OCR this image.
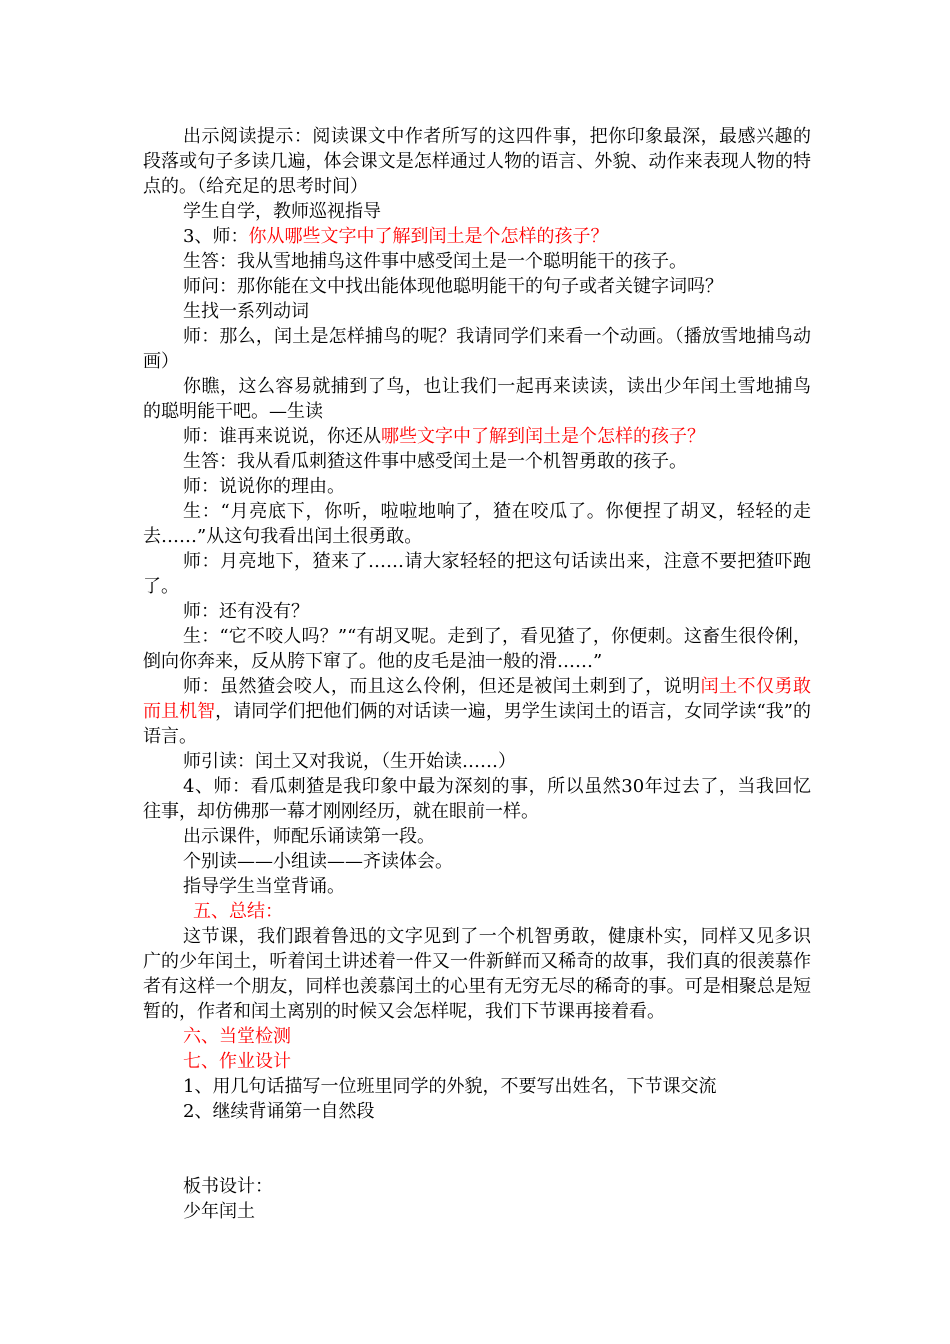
出示阅读提示：阅读课文中作者所写的这四件事，把你印象最深，最感兴趣的段落或句子多读几遍，体会课文是怎样通过人物的语言、外貌、动作来表现人物的特点的。（给充足的思考时间）

学生自学，教师巡视指导

3、师：你从哪些文字中了解到闰土是个怎样的孩子？

生答：我从雪地捕鸟这件事中感受闰土是一个聪明能干的孩子。

师问：那你能在文中找出能体现他聪明能干的句子或者关键字词吗？

生找一系列动词

师：那么，闰土是怎样捕鸟的呢？我请同学们来看一个动画。（播放雪地捕鸟动画）

你瞧，这么容易就捕到了鸟，也让我们一起再来读读，读出少年闰土雪地捕鸟的聪明能干吧。—生读

师：谁再来说说，你还从哪些文字中了解到闰土是个怎样的孩子？

生答：我从看瓜刺猹这件事中感受闰土是一个机智勇敢的孩子。

师：说说你的理由。

生：“月亮底下，你听，啦啦地响了，猹在咬瓜了。你便捏了胡叉，轻轻的走去……”从这句我看出闰土很勇敢。

师：月亮地下，猹来了……请大家轻轻的把这句话读出来，注意不要把猹吓跑了。

师：还有没有？

生：“它不咬人吗？”“有胡叉呢。走到了，看见猹了，你便刺。这畜生很伶俐，倒向你奔来，反从胯下窜了。他的皮毛是油一般的滑……”

师：虽然猹会咬人，而且这么伶俐，但还是被闰土刺到了，说明闰土不仅勇敢而且机智，请同学们把他们俩的对话读一遍，男学生读闰土的语言，女同学读“我”的语言。

师引读：闰土又对我说，（生开始读……）

4、师：看瓜刺猹是我印象中最为深刻的事，所以虽然30年过去了，当我回忆往事，却仿佛那一幕才刚刚经历，就在眼前一样。

出示课件，师配乐诵读第一段。

个别读——小组读——齐读体会。

指导学生当堂背诵。

五、总结：

这节课，我们跟着鲁迅的文字见到了一个机智勇敢，健康朴实，同样又见多识广的少年闰土，听着闰土讲述着一件又一件新鲜而又稀奇的故事，我们真的很羡慕作者有这样一个朋友，同样也羡慕闰土的心里有无穷无尽的稀奇的事。可是相聚总是短暂的，作者和闰土离别的时候又会怎样呢，我们下节课再接着看。

六、当堂检测

七、作业设计

1、用几句话描写一位班里同学的外貌，不要写出姓名，下节课交流

2、继续背诵第一自然段

板书设计：

少年闰土
